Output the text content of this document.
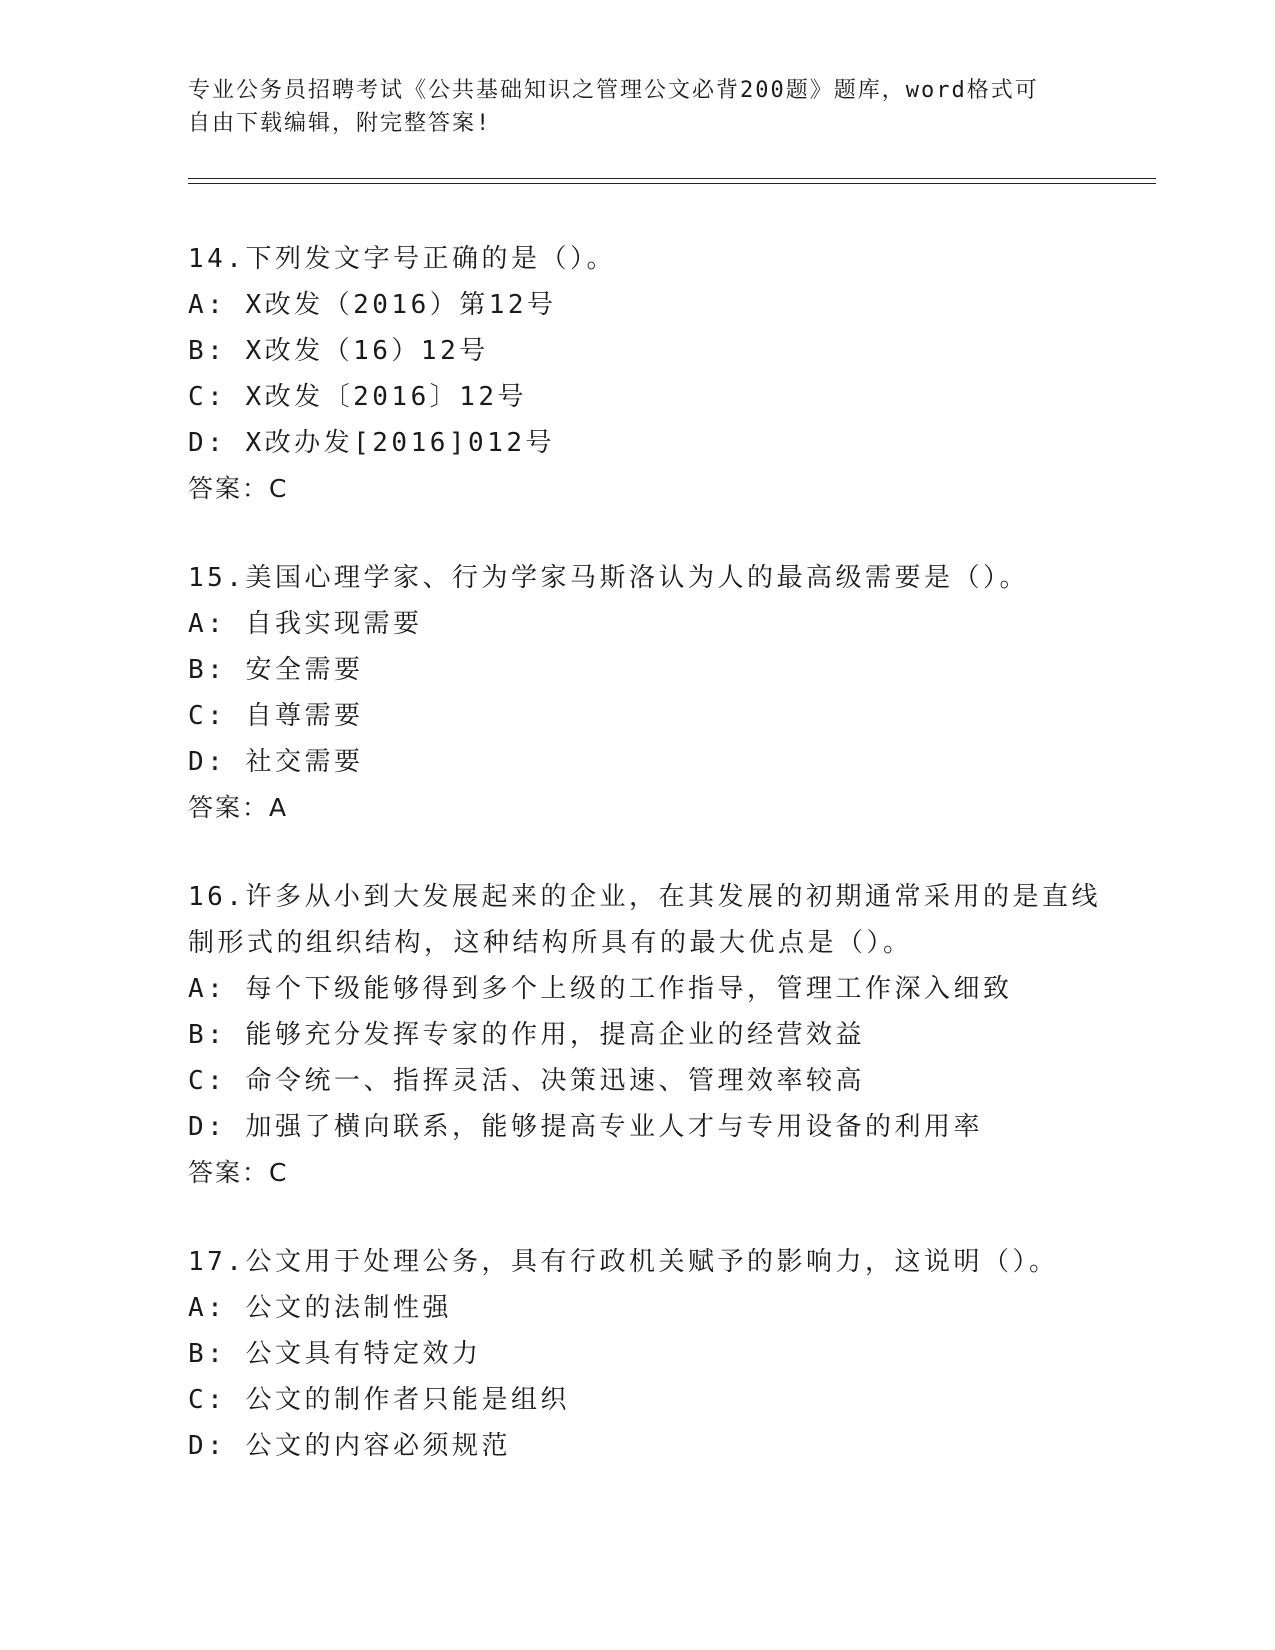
专业公务员招聘考试《公共基础知识之管理公文必背200题》题库，word格式可
自由下载编辑，附完整答案!
14.下列发文字号正确的是（）。
A: X改发（2016）第12号
B: X改发（16）12号
C: X改发〔2016〕12号
D: X改办发[2016]012号
答案：C
15.美国心理学家、行为学家马斯洛认为人的最高级需要是（）。
A: 自我实现需要
B: 安全需要
C: 自尊需要
D: 社交需要
答案：A
16.许多从小到大发展起来的企业，在其发展的初期通常采用的是直线
制形式的组织结构，这种结构所具有的最大优点是（）。
A: 每个下级能够得到多个上级的工作指导，管理工作深入细致
B: 能够充分发挥专家的作用，提高企业的经营效益
C: 命令统一、指挥灵活、决策迅速、管理效率较高
D: 加强了横向联系，能够提高专业人才与专用设备的利用率
答案：C
17.公文用于处理公务，具有行政机关赋予的影响力，这说明（）。
A: 公文的法制性强
B: 公文具有特定效力
C: 公文的制作者只能是组织
D: 公文的内容必须规范
